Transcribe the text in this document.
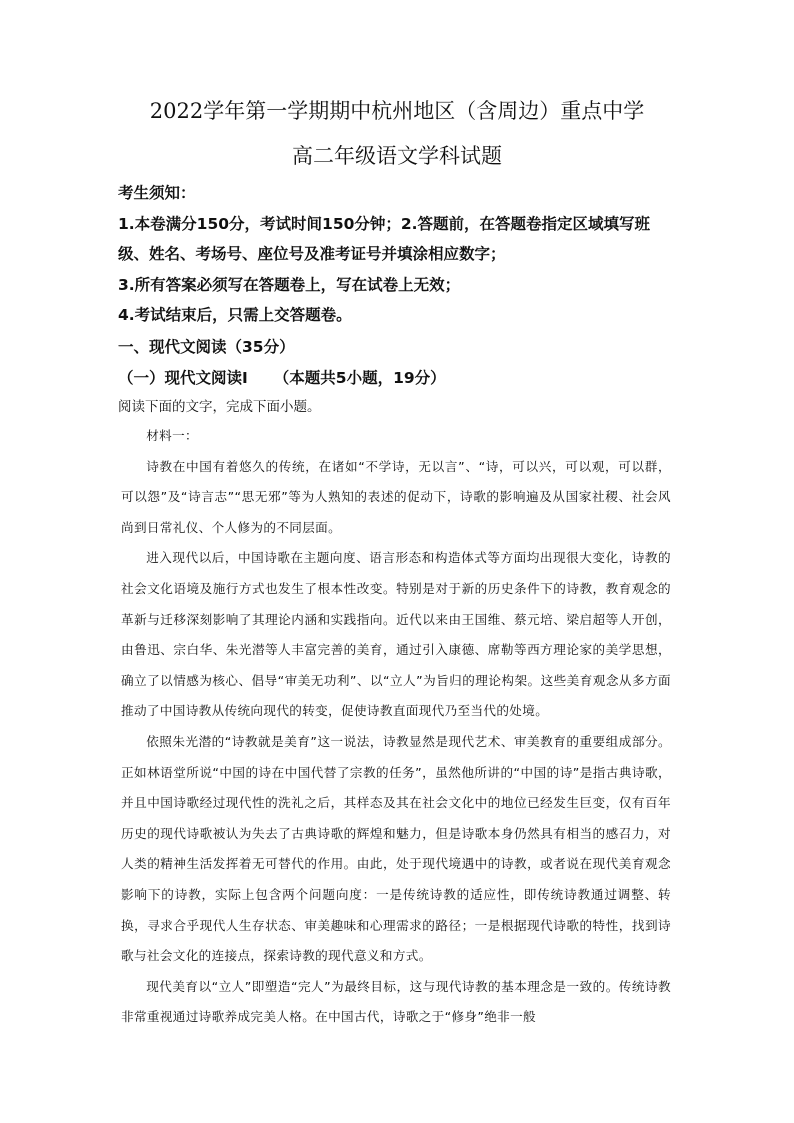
2022学年第一学期期中杭州地区（含周边）重点中学
高二年级语文学科试题
考生须知：
1.本卷满分150分，考试时间150分钟；2.答题前，在答题卷指定区域填写班
级、姓名、考场号、座位号及准考证号并填涂相应数字；
3.所有答案必须写在答题卷上，写在试卷上无效；
4.考试结束后，只需上交答题卷。
一、现代文阅读（35分）
（一）现代文阅读Ⅰ （本题共5小题，19分）
阅读下面的文字，完成下面小题。

材料一：

诗教在中国有着悠久的传统，在诸如“不学诗，无以言”、“诗，可以兴，可以观，可以群，可以怨”及“诗言志”“思无邪”等为人熟知的表述的促动下，诗歌的影响遍及从国家社稷、社会风尚到日常礼仪、个人修为的不同层面。

进入现代以后，中国诗歌在主题向度、语言形态和构造体式等方面均出现很大变化，诗教的社会文化语境及施行方式也发生了根本性改变。特别是对于新的历史条件下的诗教，教育观念的革新与迁移深刻影响了其理论内涵和实践指向。近代以来由王国维、蔡元培、梁启超等人开创，由鲁迅、宗白华、朱光潜等人丰富完善的美育，通过引入康德、席勒等西方理论家的美学思想，确立了以情感为核心、倡导“审美无功利”、以“立人”为旨归的理论构架。这些美育观念从多方面推动了中国诗教从传统向现代的转变，促使诗教直面现代乃至当代的处境。

依照朱光潜的“诗教就是美育”这一说法，诗教显然是现代艺术、审美教育的重要组成部分。正如林语堂所说“中国的诗在中国代替了宗教的任务”，虽然他所讲的“中国的诗”是指古典诗歌，并且中国诗歌经过现代性的洗礼之后，其样态及其在社会文化中的地位已经发生巨变，仅有百年历史的现代诗歌被认为失去了古典诗歌的辉煌和魅力，但是诗歌本身仍然具有相当的感召力，对人类的精神生活发挥着无可替代的作用。由此，处于现代境遇中的诗教，或者说在现代美育观念影响下的诗教，实际上包含两个问题向度：一是传统诗教的适应性，即传统诗教通过调整、转换，寻求合乎现代人生存状态、审美趣味和心理需求的路径；一是根据现代诗歌的特性，找到诗歌与社会文化的连接点，探索诗教的现代意义和方式。

现代美育以“立人”即塑造“完人”为最终目标，这与现代诗教的基本理念是一致的。传统诗教非常重视通过诗歌养成完美人格。在中国古代，诗歌之于“修身”绝非一般
